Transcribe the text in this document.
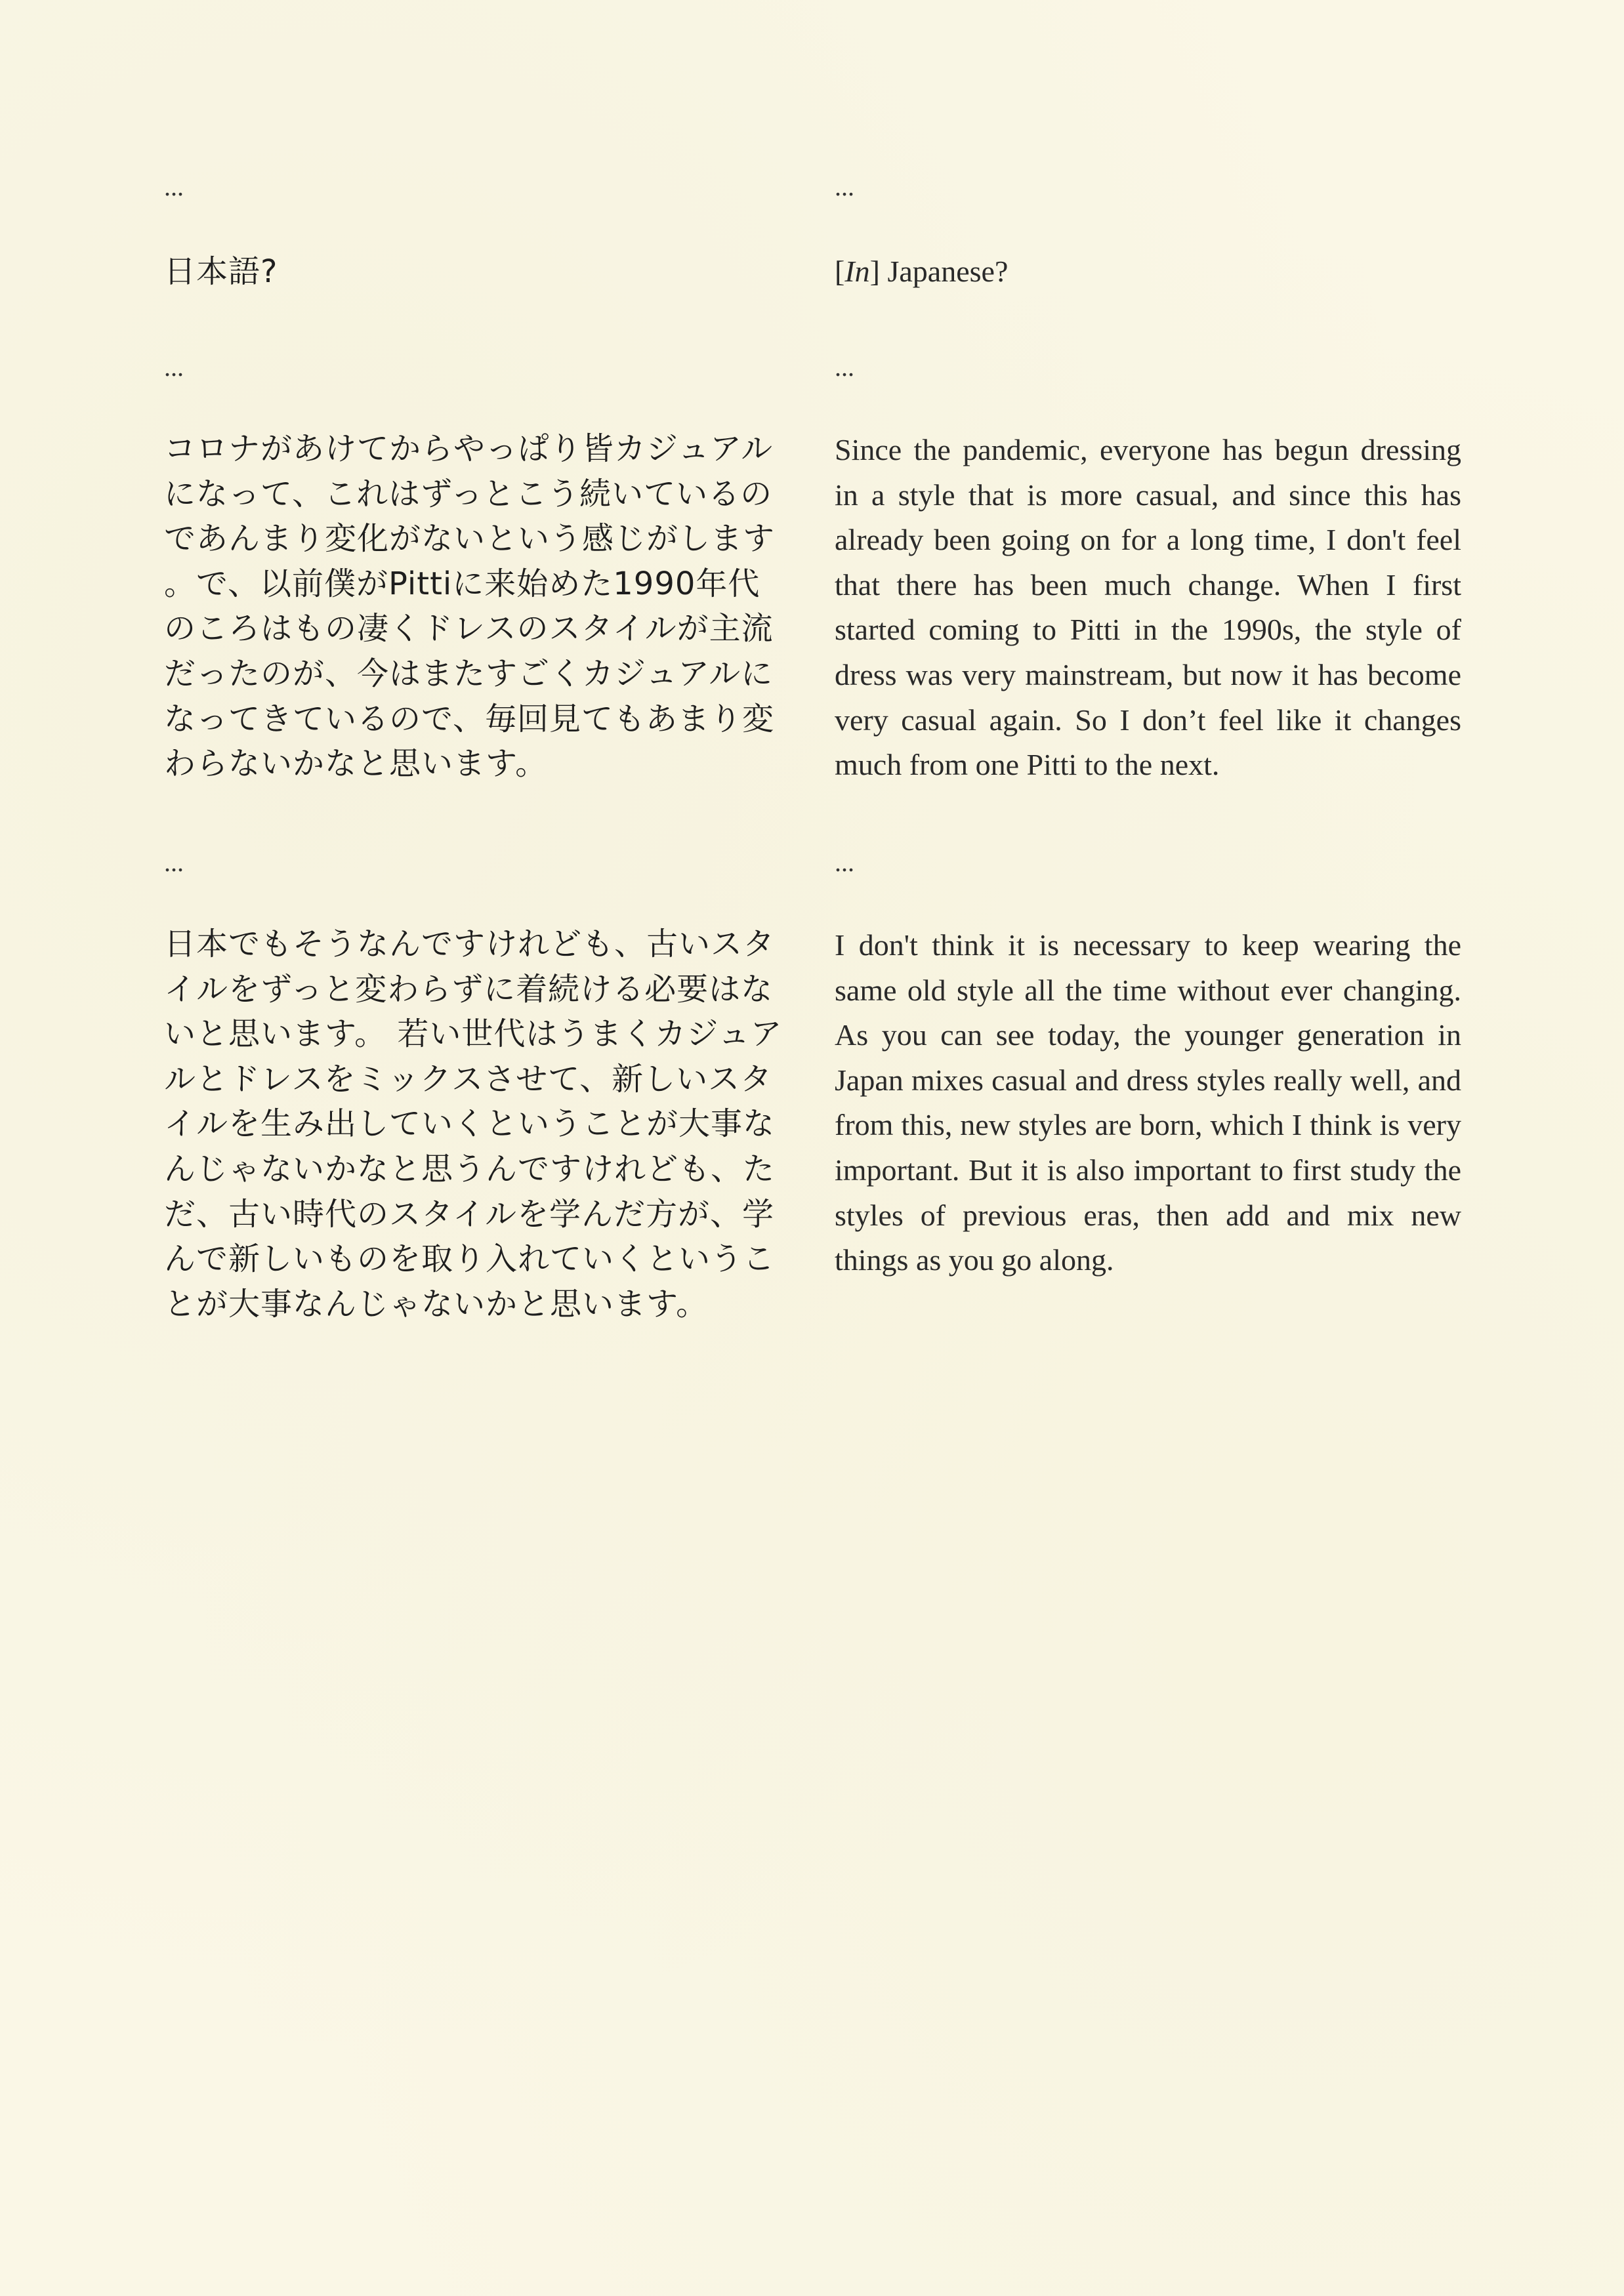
...
日本語?
...

コロナがあけてからやっぱり皆カジュアルになって、これはずっとこう続いているのであんまり変化がないという感じがします。で、以前僕がPittiに来始めた1990年代のころはもの凄くドレスのスタイルが主流だったのが、今はまたすごくカジュアルになってきているので、毎回見てもあまり変わらないかなと思います。

...

日本でもそうなんですけれども、古いスタイルをずっと変わらずに着続ける必要はないと思います。 若い世代はうまくカジュアルとドレスをミックスさせて、新しいスタイルを生み出していくということが大事なんじゃないかなと思うんですけれども、ただ、古い時代のスタイルを学んだ方が、学んで新しいものを取り入れていくということが大事なんじゃないかと思います。

...
[In] Japanese?
...

Since the pandemic, everyone has begun dressing in a style that is more casual, and since this has already been going on for a long time, I don't feel that there has been much change. When I first started coming to Pitti in the 1990s, the style of dress was very mainstream, but now it has become very casual again. So I don’t feel like it changes much from one Pitti to the next.

...

I don't think it is necessary to keep wearing the same old style all the time without ever changing. As you can see today, the younger generation in Japan mixes casual and dress styles really well, and from this, new styles are born, which I think is very important. But it is also important to first study the styles of previous eras, then add and mix new things as you go along.
